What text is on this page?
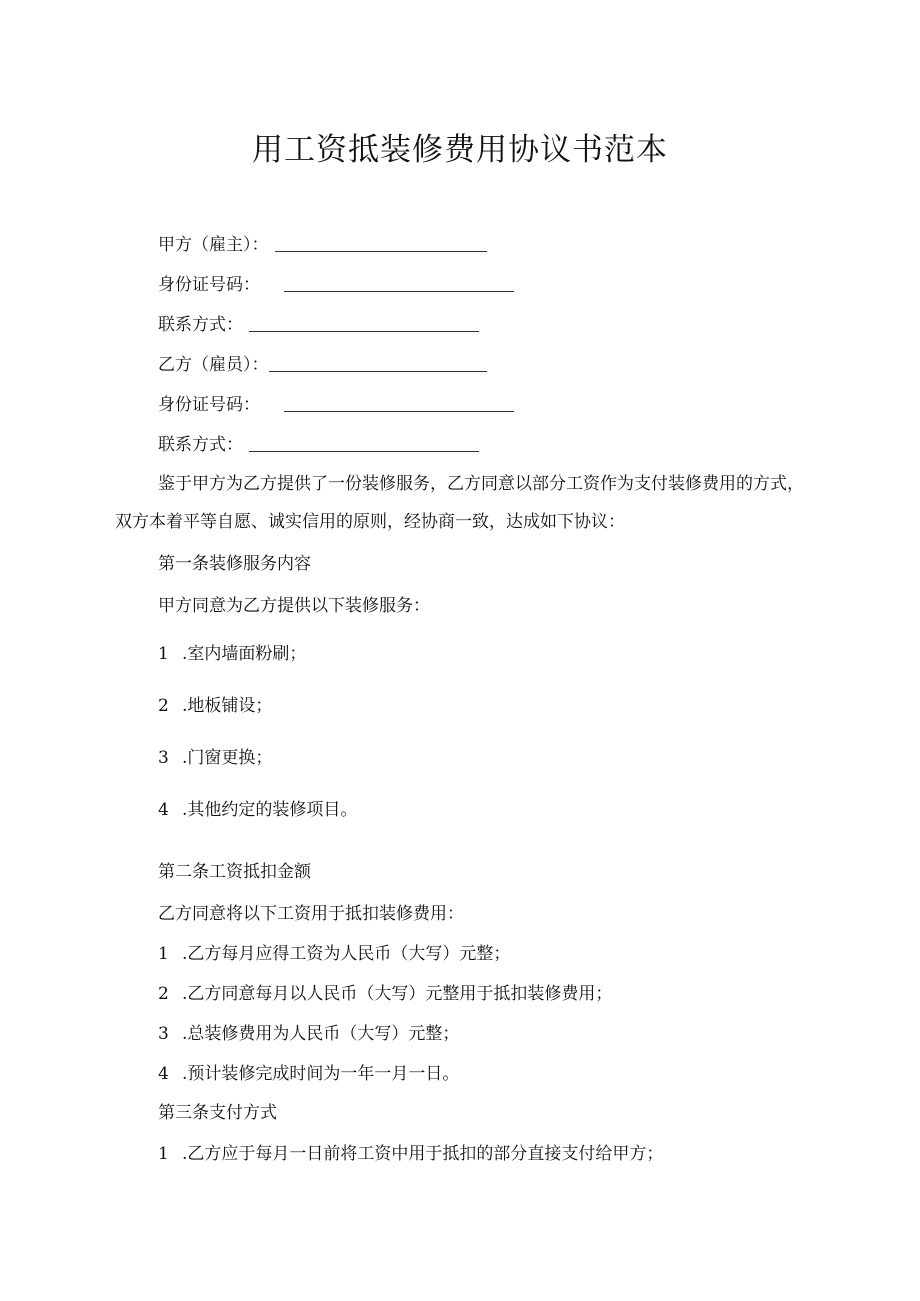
用工资抵装修费用协议书范本
甲方（雇主）：
身份证号码：
联系方式：
乙方（雇员）：
身份证号码：
联系方式：
鉴于甲方为乙方提供了一份装修服务，乙方同意以部分工资作为支付装修费用的方式，双方本着平等自愿、诚实信用的原则，经协商一致，达成如下协议：
第一条装修服务内容
甲方同意为乙方提供以下装修服务：
1 .室内墙面粉刷；
2 .地板铺设；
3 .门窗更换；
4 .其他约定的装修项目。
第二条工资抵扣金额
乙方同意将以下工资用于抵扣装修费用：
1 .乙方每月应得工资为人民币（大写）元整；
2 .乙方同意每月以人民币（大写）元整用于抵扣装修费用；
3 .总装修费用为人民币（大写）元整；
4 .预计装修完成时间为一年一月一日。
第三条支付方式
1 .乙方应于每月一日前将工资中用于抵扣的部分直接支付给甲方；
